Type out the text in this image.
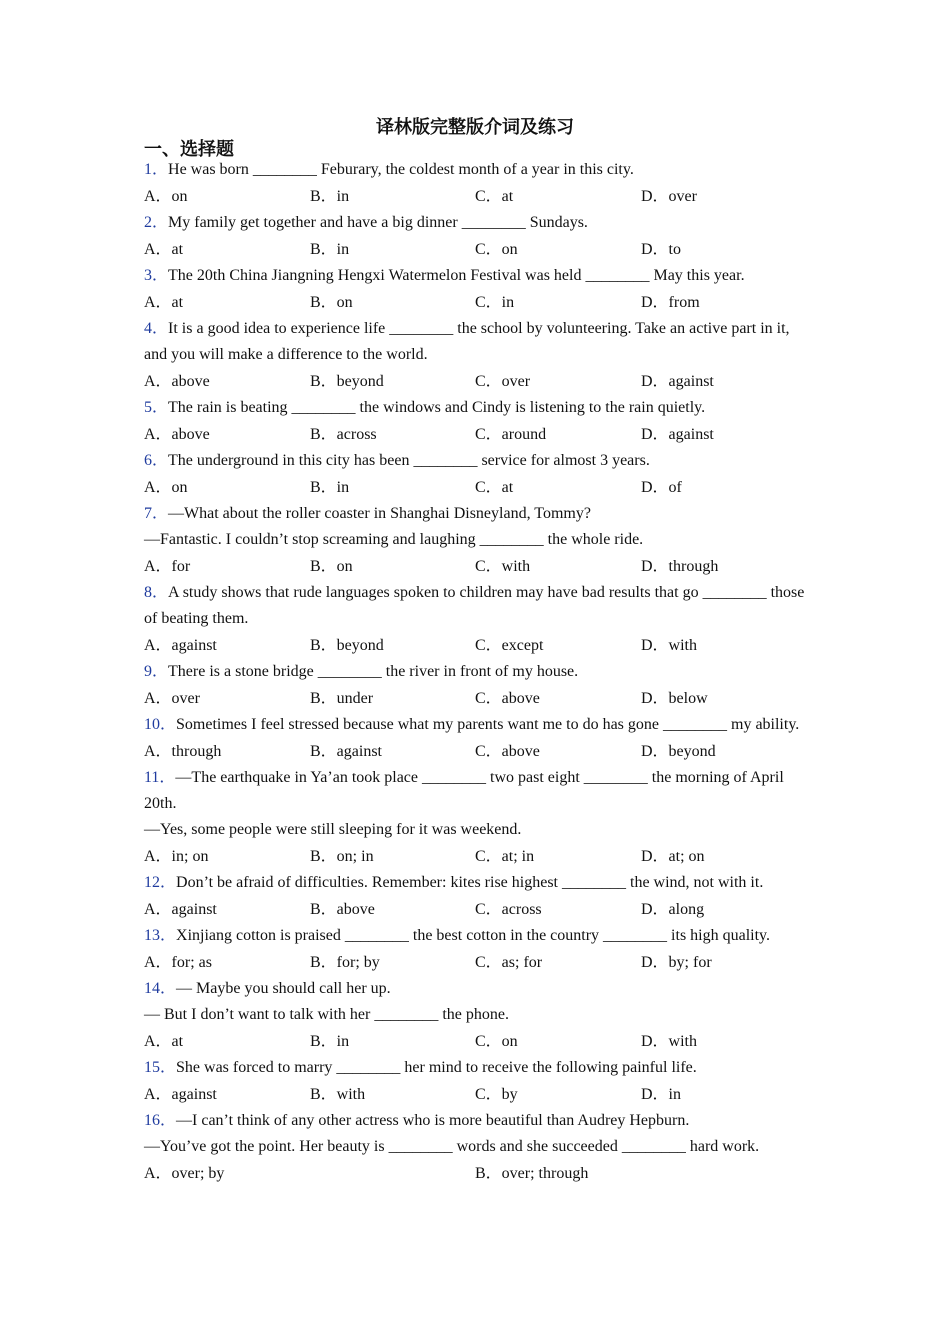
译林版完整版介词及练习
一、选择题
1．He was born ________ Feburary, the coldest month of a year in this city.
A．on	B．in	C．at	D．over
2．My family get together and have a big dinner ________ Sundays.
A．at	B．in	C．on	D．to
3．The 20th China Jiangning Hengxi Watermelon Festival was held ________ May this year.
A．at	B．on	C．in	D．from
4．It is a good idea to experience life ________ the school by volunteering. Take an active part in it, and you will make a difference to the world.
A．above	B．beyond	C．over	D．against
5．The rain is beating ________ the windows and Cindy is listening to the rain quietly.
A．above	B．across	C．around	D．against
6．The underground in this city has been ________ service for almost 3 years.
A．on	B．in	C．at	D．of
7．—What about the roller coaster in Shanghai Disneyland, Tommy?
—Fantastic. I couldn’t stop screaming and laughing ________ the whole ride.
A．for	B．on	C．with	D．through
8．A study shows that rude languages spoken to children may have bad results that go ________ those of beating them.
A．against	B．beyond	C．except	D．with
9．There is a stone bridge ________ the river in front of my house.
A．over	B．under	C．above	D．below
10．Sometimes I feel stressed because what my parents want me to do has gone ________ my ability.
A．through	B．against	C．above	D．beyond
11．—The earthquake in Ya’an took place ________ two past eight ________ the morning of April 20th.
—Yes, some people were still sleeping for it was weekend.
A．in; on	B．on; in	C．at; in	D．at; on
12．Don’t be afraid of difficulties. Remember: kites rise highest ________ the wind, not with it.
A．against	B．above	C．across	D．along
13．Xinjiang cotton is praised ________ the best cotton in the country ________ its high quality.
A．for; as	B．for; by	C．as; for	D．by; for
14．— Maybe you should call her up.
— But I don’t want to talk with her ________ the phone.
A．at	B．in	C．on	D．with
15．She was forced to marry ________ her mind to receive the following painful life.
A．against	B．with	C．by	D．in
16．—I can’t think of any other actress who is more beautiful than Audrey Hepburn.
—You’ve got the point. Her beauty is ________ words and she succeeded ________ hard work.
A．over; by	B．over; through
